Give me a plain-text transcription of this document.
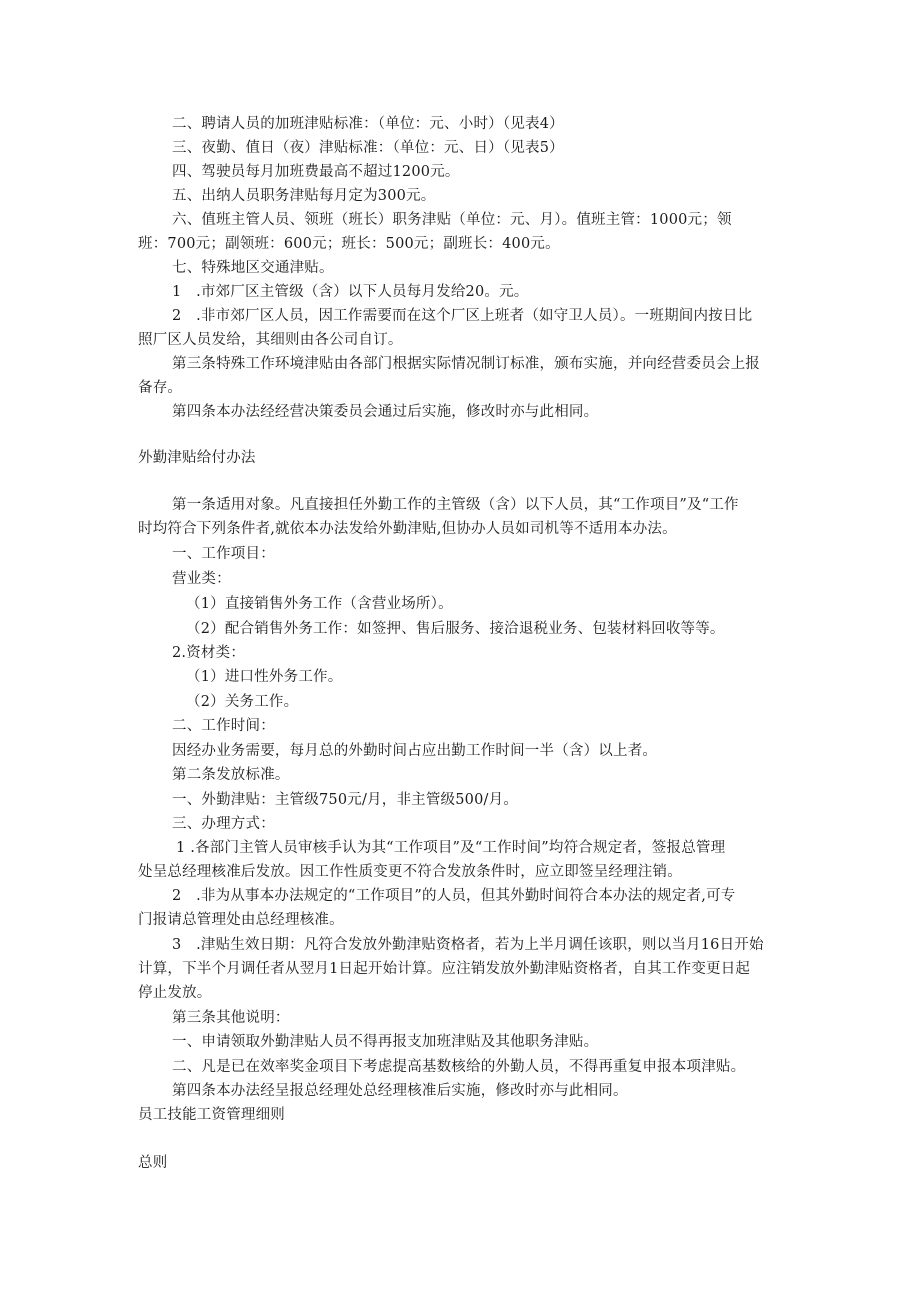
二、聘请人员的加班津贴标准：（单位：元、小时）（见表4）
三、夜勤、值日（夜）津贴标准：（单位：元、日）（见表5）
四、驾驶员每月加班费最高不超过1200元。
五、出纳人员职务津贴每月定为300元。
六、值班主管人员、领班（班长）职务津贴（单位：元、月）。值班主管：1000元；领
班：700元；副领班：600元；班长：500元；副班长：400元。
七、特殊地区交通津贴。
1　.市郊厂区主管级（含）以下人员每月发给20。元。
2　.非市郊厂区人员，因工作需要而在这个厂区上班者（如守卫人员）。一班期间内按日比
照厂区人员发给，其细则由各公司自订。
第三条特殊工作环境津贴由各部门根据实际情况制订标准，颁布实施，并向经营委员会上报
备存。
第四条本办法经经营决策委员会通过后实施，修改时亦与此相同。
外勤津贴给付办法
第一条适用对象。凡直接担任外勤工作的主管级（含）以下人员，其“工作项目”及“工作
时均符合下列条件者,就依本办法发给外勤津贴,但协办人员如司机等不适用本办法。
一、工作项目：
营业类：
（1）直接销售外务工作（含营业场所）。
（2）配合销售外务工作：如签押、售后服务、接洽退税业务、包装材料回收等等。
2.资材类：
（1）进口性外务工作。
（2）关务工作。
二、工作时间：
因经办业务需要，每月总的外勤时间占应出勤工作时间一半（含）以上者。
第二条发放标准。
一、外勤津贴：主管级750元/月，非主管级500/月。
三、办理方式：
1 .各部门主管人员审核手认为其“工作项目”及“工作时间”均符合规定者，签报总管理
处呈总经理核准后发放。因工作性质变更不符合发放条件时，应立即签呈经理注销。
2　.非为从事本办法规定的“工作项目”的人员，但其外勤时间符合本办法的规定者,可专
门报请总管理处由总经理核准。
3　.津贴生效日期：凡符合发放外勤津贴资格者，若为上半月调任该职，则以当月16日开始
计算，下半个月调任者从翌月1日起开始计算。应注销发放外勤津贴资格者，自其工作变更日起
停止发放。
第三条其他说明：
一、申请领取外勤津贴人员不得再报支加班津贴及其他职务津贴。
二、凡是已在效率奖金项目下考虑提高基数核给的外勤人员，不得再重复申报本项津贴。
第四条本办法经呈报总经理处总经理核准后实施，修改时亦与此相同。
员工技能工资管理细则
总则
